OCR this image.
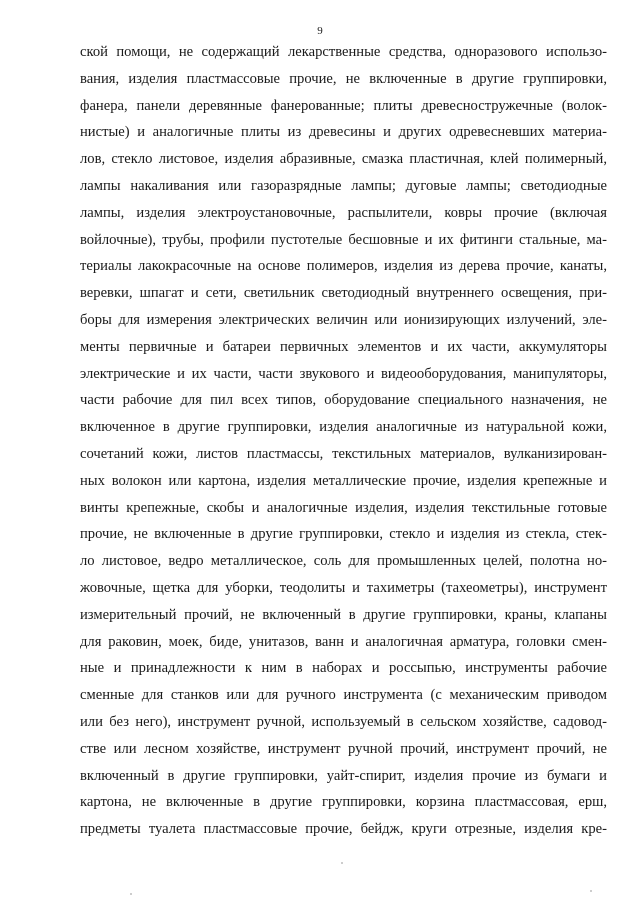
9
ской помощи, не содержащий лекарственные средства, одноразового использо-
вания, изделия пластмассовые прочие, не включенные в другие группировки,
фанера, панели деревянные фанерованные; плиты древесностружечные (волок-
нистые) и аналогичные плиты из древесины и других одревесневших материа-
лов, стекло листовое, изделия абразивные, смазка пластичная, клей полимерный,
лампы накаливания или газоразрядные лампы; дуговые лампы; светодиодные
лампы, изделия электроустановочные, распылители, ковры прочие (включая
войлочные), трубы, профили пустотелые бесшовные и их фитинги стальные, ма-
териалы лакокрасочные на основе полимеров, изделия из дерева прочие, канаты,
веревки, шпагат и сети, светильник светодиодный внутреннего освещения, при-
боры для измерения электрических величин или ионизирующих излучений, эле-
менты первичные и батареи первичных элементов и их части, аккумуляторы
электрические и их части, части звукового и видеооборудования, манипуляторы,
части рабочие для пил всех типов, оборудование специального назначения, не
включенное в другие группировки, изделия аналогичные из натуральной кожи,
сочетаний кожи, листов пластмассы, текстильных материалов, вулканизирован-
ных волокон или картона, изделия металлические прочие, изделия крепежные и
винты крепежные, скобы и аналогичные изделия, изделия текстильные готовые
прочие, не включенные в другие группировки, стекло и изделия из стекла, стек-
ло листовое, ведро металлическое, соль для промышленных целей, полотна но-
жовочные, щетка для уборки, теодолиты и тахиметры (тахеометры), инструмент
измерительный прочий, не включенный в другие группировки, краны, клапаны
для раковин, моек, биде, унитазов, ванн и аналогичная арматура, головки смен-
ные и принадлежности к ним в наборах и россыпью, инструменты рабочие
сменные для станков или для ручного инструмента (с механическим приводом
или без него), инструмент ручной, используемый в сельском хозяйстве, садовод-
стве или лесном хозяйстве, инструмент ручной прочий, инструмент прочий, не
включенный в другие группировки, уайт-спирит, изделия прочие из бумаги и
картона, не включенные в другие группировки, корзина пластмассовая, ерш,
предметы туалета пластмассовые прочие, бейдж, круги отрезные, изделия кре-
